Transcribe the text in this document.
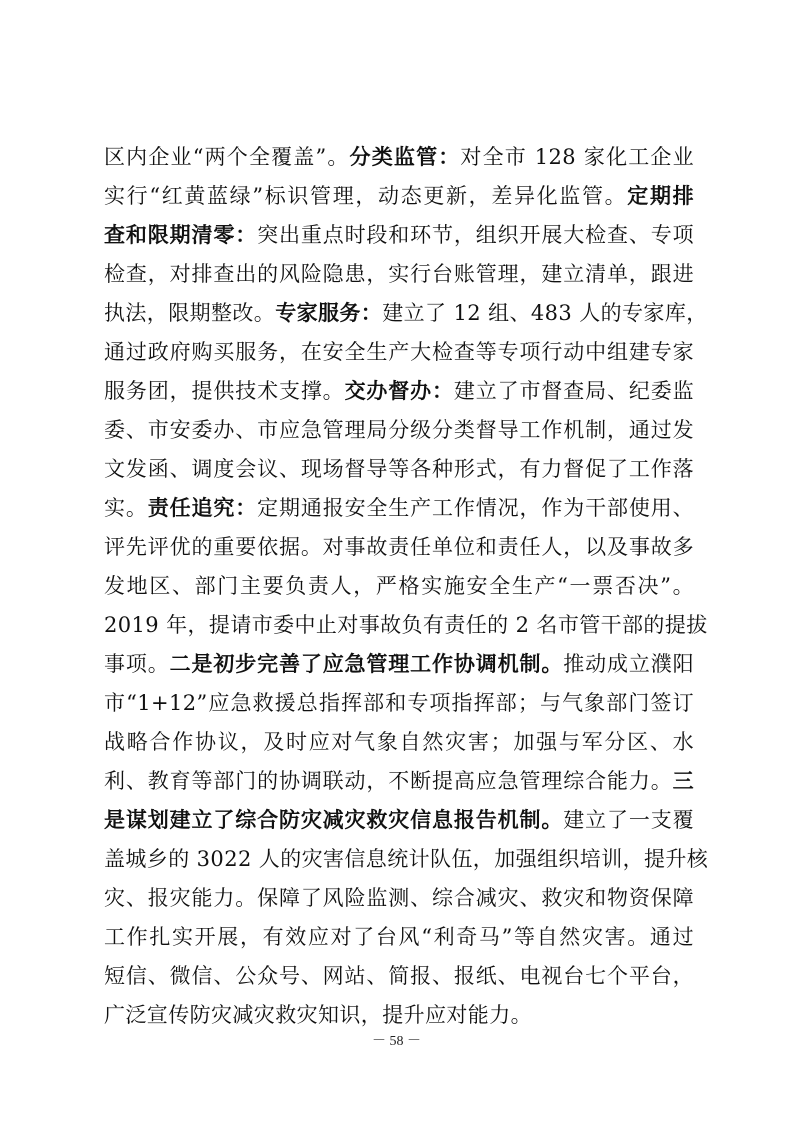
区内企业“两个全覆盖”。分类监管：对全市 128 家化工企业
实行“红黄蓝绿”标识管理，动态更新，差异化监管。定期排
查和限期清零：突出重点时段和环节，组织开展大检查、专项
检查，对排查出的风险隐患，实行台账管理，建立清单，跟进
执法，限期整改。专家服务：建立了 12 组、483 人的专家库，
通过政府购买服务，在安全生产大检查等专项行动中组建专家
服务团，提供技术支撑。交办督办：建立了市督查局、纪委监
委、市安委办、市应急管理局分级分类督导工作机制，通过发
文发函、调度会议、现场督导等各种形式，有力督促了工作落
实。责任追究：定期通报安全生产工作情况，作为干部使用、
评先评优的重要依据。对事故责任单位和责任人，以及事故多
发地区、部门主要负责人，严格实施安全生产“一票否决”。
2019 年，提请市委中止对事故负有责任的 2 名市管干部的提拔
事项。二是初步完善了应急管理工作协调机制。推动成立濮阳
市“1+12”应急救援总指挥部和专项指挥部；与气象部门签订
战略合作协议，及时应对气象自然灾害；加强与军分区、水
利、教育等部门的协调联动，不断提高应急管理综合能力。三
是谋划建立了综合防灾减灾救灾信息报告机制。建立了一支覆
盖城乡的 3022 人的灾害信息统计队伍，加强组织培训，提升核
灾、报灾能力。保障了风险监测、综合减灾、救灾和物资保障
工作扎实开展，有效应对了台风“利奇马”等自然灾害。通过
短信、微信、公众号、网站、简报、报纸、电视台七个平台，
广泛宣传防灾减灾救灾知识，提升应对能力。
－ 58 －
